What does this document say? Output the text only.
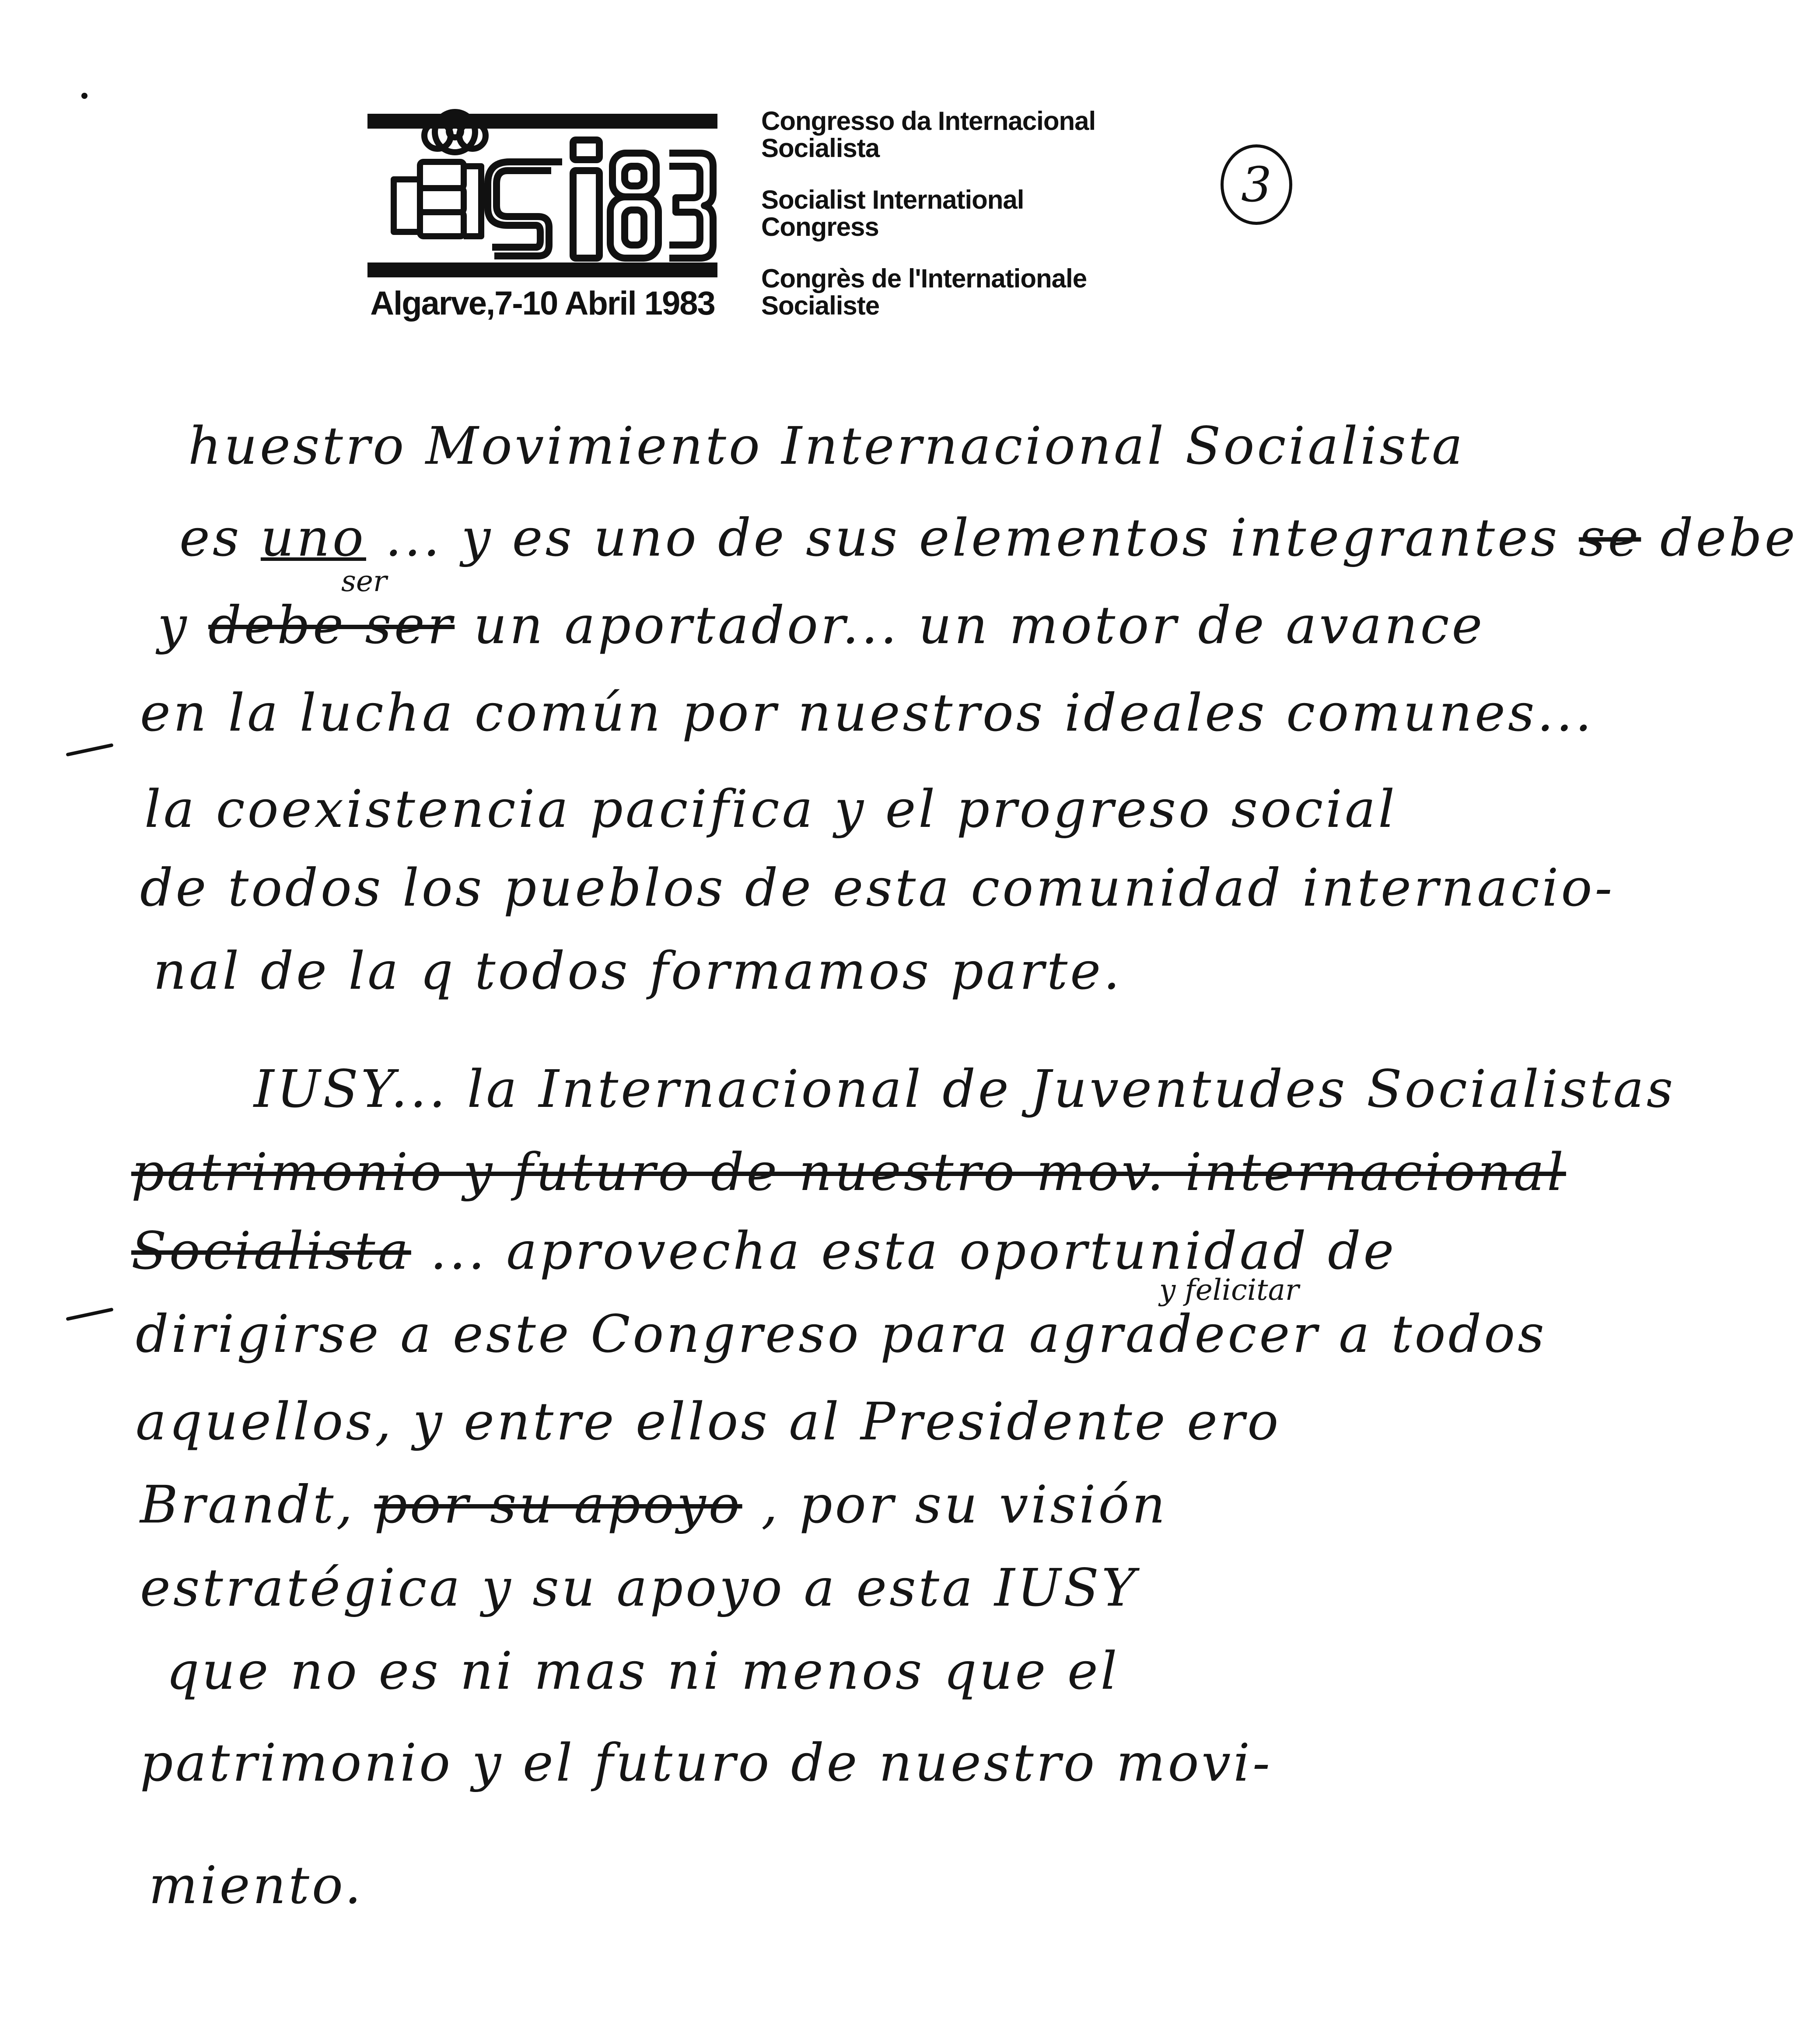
Algarve,7-10 Abril 1983
Congresso da Internacional
Socialista
Socialist International
Congress
Congrès de l'Internationale
Socialiste
3
huestro Movimiento Internacional Socialista
es uno ... y es uno de sus elementos integrantes se debe
ser
y debe ser un aportador... un motor de avance
en la lucha común por nuestros ideales comunes...
la coexistencia pacifica y el progreso social
de todos los pueblos de esta comunidad internacio-
nal de la q todos formamos parte.
IUSY... la Internacional de Juventudes Socialistas
patrimonio y futuro de nuestro mov. internacional
Socialista ... aprovecha esta oportunidad de
y felicitar
dirigirse a este Congreso para agradecer a todos
aquellos, y entre ellos al Presidente ero
Brandt, por su apoyo , por su visión
estratégica y su apoyo a esta IUSY
que no es ni mas ni menos que el
patrimonio y el futuro de nuestro movi-
miento.
